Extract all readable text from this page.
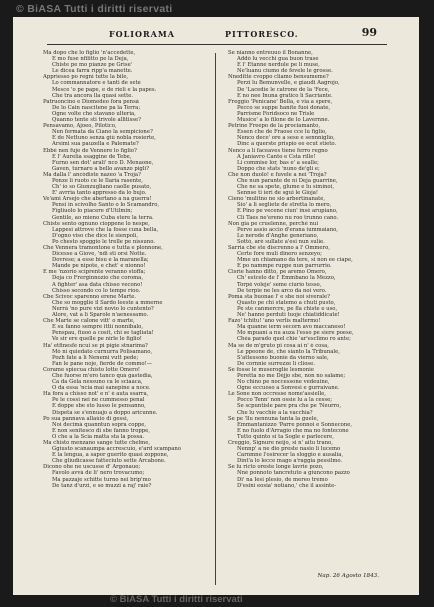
© BiASA Tutti i diritti riservati
FOLIORAMA	PITTORESCO.	99
Ma dopo che lo figlio 'n'accedette,
E mo fuse nfilitto pe la Deja,
Chiste pe mo pianze pe Grise'
Le dicea farrà ripp'a manette.
Appriesso po regni tutte la bile,
Lo commannatore e tanti de sete
Mesce 'o pe pape, e de rieli e la papes.
Che tra ancora lla quasi sette.
Patruoncino e Diomedeo fora pensà
De lo Cain nascitene pa la Terra;
Ogne volte che stavano ulteria,
Quanno tente sti trivole allitisse?
Pensavamo, Ajoeo, Pilotico,
Nen fermata da Ciano la sempicione?
E de Nettuno senza giù nobla rosierte,
Arsimi sua pauzella e Palemate?
Ebbè nen fuje de Vennere lo figlio?
E l' Aurelia ssaggine de Tebe,
Furno sen dot' arali' nco D. Menaone,
Gaven, turnaro a bello avanzo pigli?
Ma dalla l' ancòdiste nazeo 'a Troja?
Ponze li ruoto ce le Ilaria rasente,
Ch' io so Giunzugliano caolle pusato,
E' avrria tanto appresso da lo bujo.
Ve'ami Arsejo che abertano a na guerra!
Pensi in scivolho Santo o lo Scamandro,
Figliuolo lo piacere d'Utilmin;
Gentile, ao mieno Cuba stere la terra.
Chiste sento ognuno cioppene lo nespe,
Lappesi attrove che la fosse cuna bella,
D'ogno viso che dice le sienpoli,
Po chesto spoggio le trelle pe nissuno.
Che Vennera tramontone e tutta e plonnone,
Dicesse a Giove, 'ndi sti orsi Notte.
Dovrese; a esse bisu e la maranella;
Mande pe nipote, e chet' e nionno!
E me 'nzorio sciprente veranno stoffa;
Doja co Frerginnozio che coroma,
A fighter' asa data chisso vecono!
Chisso secondo co lo tempe rioo.
Cbe Scivoc sparenno erene Marte.
Che so mogglie il Sardo leeste a mmerne
Nerrà 'no pure vizi novio lo cuntento?
Alore, vat a li Sparole n'aenessamo.
Che Marte se calone vitt' o marte,
E su fanno sempre ittiì nonnibalo,
Penspau, fiuoò a cosit, chi se tagliata!
Ve sir ere quelle pe nirle le figlio!
Ha' etfinesfe ncui se pi pigie stnarima?
Mó nì quiedato curnurra Polisamano,
Pozh fate a li Nenemi vutt pede;
Fan le pane noje, fierde de commo!—
Corame spiecua chisto lotte Omero!
Che fuorse m'ero tanco quà gastedia,
Ca da Gela nessuno ca le sciaaca,
O da essa 'ncia mai sanepine a noce.
Ha fora a chisso not' e n' è auta ssarra,
Pe le cossi nei ne cummesso penal
E doppe sbe sto lusso le pensanno,
Dispeta se s'ennuajo a doppo aricunne.
Po sua pannava allaùio di gessi,
Noi decimà quanntun sopra coppe,
E non senitesco di sbe fanno troppe,
O che a la Scia matta sta la possa.
Ma chisto menzano sange tutte chelme,
Ggiusto scanaumpa accrescuio, e'ard scampano
E la lengua, a sapor guerito quasi zoppone,
Che gliudicasse fatteciuto sette Arcabone.
Dicono ohe ne uscusse d' Argonauo;
Favolo avvà de li' nero trovacumo;
Ma pazzaje schitte turno nei brip'mo
De tanz d'urzi, e so muzzi a raj' raie?
Se nianno entreuuo il Bonanne,
Addò lu vecchi gua buon trase
E l' Etanne nerdule pe li muse,
Ne'luanu ciumo de fevele le grosse.
Nneditte cvoppo cliamo bensumeme?
Perzi lu Bemunvelle, e giaudi Aagrojo,
De 'Lacedie le catrone de la 'Fece,
E no nee Inuna gratico li Sacriante.
Freggio 'Penicane' Bella, e via a spere,
Pecco se suppe hanite fuoi donate,
Parrisme Foridsoco ne Trisle
Musice' a lo filone de lo Lavernne.
Petrine Freepo de la prociamanto,
Essen che de Fraose cce lu figlio,
Nenco dece' ore a sese e sennniglio,
Dinc a querste prispio ee ecut stieto.
Nenco a li faceaves tiene ferro regno
A Janiavro Canto e Csta rille!
Li commise lor, bas e' a sealle;
Doppo che stats 'nuno de'gli e;
Che non duolo! e fuvele a nei 'Troja?
Che nun parante de ni Deja guarrine,
Che ne sa spete, glume e lu siminoi,
Sennse ti ieri de sgui le Gioja!
Cieno 'mulitno ne sio arbertinanate,
Sio' a li segliete de stretta lo mero,
E Pino pe vecene ciun' insé arupiano,
Cli Taes ne'ereno nu roo trunno cano.
Non gia pe cruelenne, perché nui
Perve assio accio d'erana iummaiano,
Lo nerode d'Anghe generiano,
Sottò, arè sullate a'esi nun sulie.
Sarria cbe ste discrenno a l' Ommero,
Certe fore muli dinero senzeyo;
Mme un chiamano da tere, si non ee ciape,
E po nammpe ruppe nun parrurrio.
Cisrie hanno ditto, pe aremo Omero,
Ch' estcelo de l' Emmbano la Mezzo,
Torpè voleje' seme ciurio tesso,
De terpie ne les arco da noi vero.
Poma sta buonae l' e sbe noi siverale?
Quasto pe chi statemo a chuti pusto,
Pe ste canmercre, pe fla chiste e uso,
Ne' hanno perduti tuoje chiatiddicate!
Fazo' tchitu! 'ano verlis maltermo!
Ma quanne ierm secorn avo maccaneso!
Mo mpuani a nu auza l'esso pe siere poese,
Chéa parado quel chie 'ar'esclimo ro ante;
Ma se de m'gruto pi cosa ai n' è cosa,
Le ppeone de, che sianto la Tribunale,
S'attessono buonie da vierno sale,
De cornnie surrezze li cliose.
Se fosse le museroglie lesmonie
Peretta no me Déjjo sbe, non no salame;
No chino pe noccessone vedeuine,
Ogne eccuoso a Sonvesi e gurraivane.
Le Sone non occresse nome'assielle,
Pocco Tenn' non ossie lu a la cesse;
Se scpuntisle pare pra che pe 'Neurro,
Che lu vacchie a la vacchia?
Se pe 'llu nennuna tanta la guele,
Emmantanizzo 'Parre ponnoi e Sonnecone,
E no fuolo d'Arragio che ma no fontecone
Tutto quinto si ta Sogle e parlecere,
Creggio, Signure neijo, si n' aitu trano,
Nennp' a ne dio preste nasio li lucemo
Carnmne l'osirecer la sloggio e ausalia,
Dint'a lo lecce mago a'raggia pessilmo.
Se lu ricto oreste longe lavrie pozo,
Nnè ponnoto tancretuto a giuncono pazzo
Di' na Iesi plesio, de mereo tremo
D'esini eosia' notiano,' che il assinte-
Nap. 26 Agosto 1843.
© BiASA Tutti i diritti riservati
